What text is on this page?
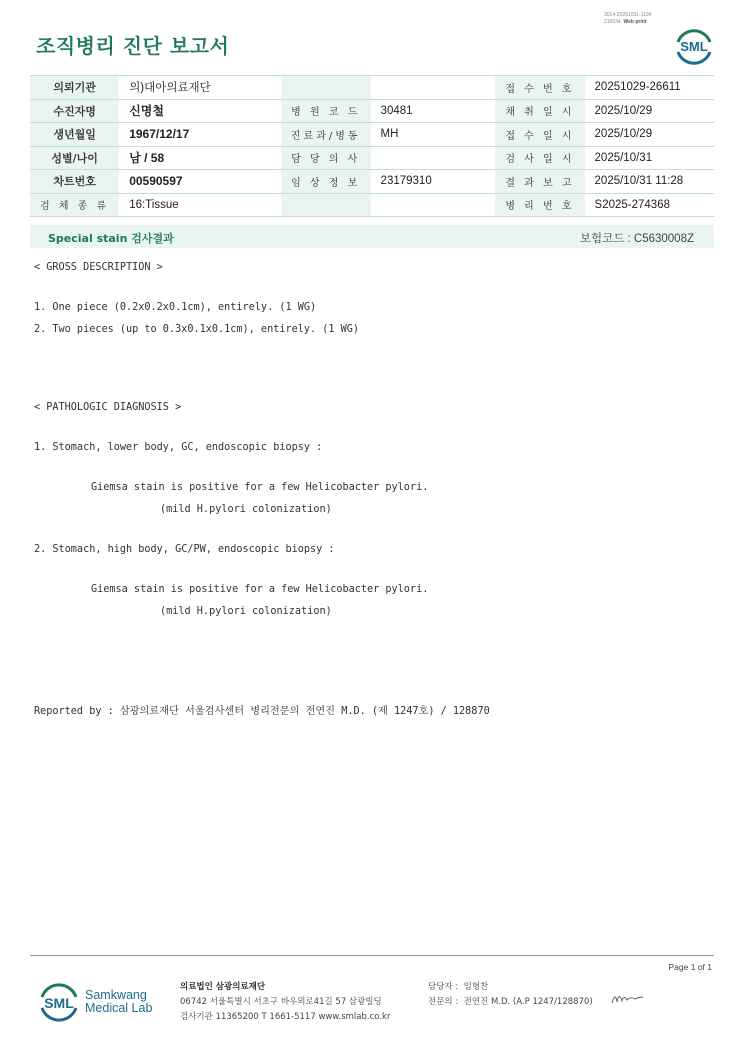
3014-20251031-1134
210034 Web print
조직병리 진단 보고서	SML
의뢰기관	의)대아의료재단			접 수 번 호	20251029-26611
수진자명	신명철	병 원 코 드	30481	채 취 일 시	2025/10/29
생년월일	1967/12/17	진료과/병동	MH	접 수 일 시	2025/10/29
성별/나이	남 / 58	담 당 의 사		검 사 일 시	2025/10/31
차트번호	00590597	임 상 정 보	23179310	결 과 보 고	2025/10/31 11:28
검 체 종 류	16:Tissue			병 리 번 호	S2025-274368
Special stain 검사결과	보험코드 : C5630008Z
< GROSS DESCRIPTION >
1. One piece (0.2x0.2x0.1cm), entirely. (1 WG)
2. Two pieces (up to 0.3x0.1x0.1cm), entirely. (1 WG)
< PATHOLOGIC DIAGNOSIS >
1. Stomach, lower body, GC, endoscopic biopsy :
Giemsa stain is positive for a few Helicobacter pylori.
(mild H.pylori colonization)
2. Stomach, high body, GC/PW, endoscopic biopsy :
Giemsa stain is positive for a few Helicobacter pylori.
(mild H.pylori colonization)
Reported by : 삼광의료재단 서울검사센터 병리전문의 전연진 M.D. (제 1247호) / 128870
Page 1 of 1
SML Samkwang
Medical Lab
의료법인 삼광의료재단
06742 서울특별시 서초구 바우뫼로41길 57 삼광빌딩
검사기관 11365200 T 1661-5117 www.smlab.co.kr
담당자 : 임형찬
전문의 : 전연진 M.D. (A.P 1247/128870)
